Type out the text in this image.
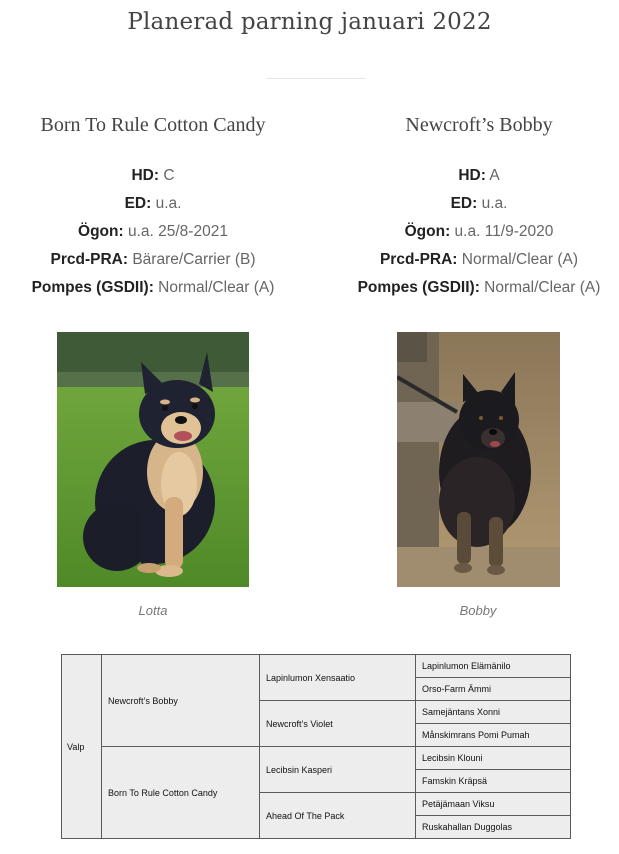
Planerad parning januari 2022
Born To Rule Cotton Candy
HD: C
ED: u.a.
Ögon: u.a. 25/8-2021
Prcd-PRA: Bärare/Carrier (B)
Pompes (GSDII): Normal/Clear (A)
Newcroft’s Bobby
HD: A
ED: u.a.
Ögon: u.a. 11/9-2020
Prcd-PRA: Normal/Clear (A)
Pompes (GSDII): Normal/Clear (A)
Lotta	Bobby
Valp	Newcroft’s Bobby	Lapinlumon Xensaatio	Lapinlumon Elämänilo
			Orso-Farm Ämmi
		Newcroft’s Violet	Samejäntans Xonni
			Månskimrans Pomi Pumah
	Born To Rule Cotton Candy	Lecibsin Kasperi	Lecibsin Klouni
			Famskin Kräpsä
		Ahead Of The Pack	Petäjämaan Viksu
			Ruskahallan Duggolas
